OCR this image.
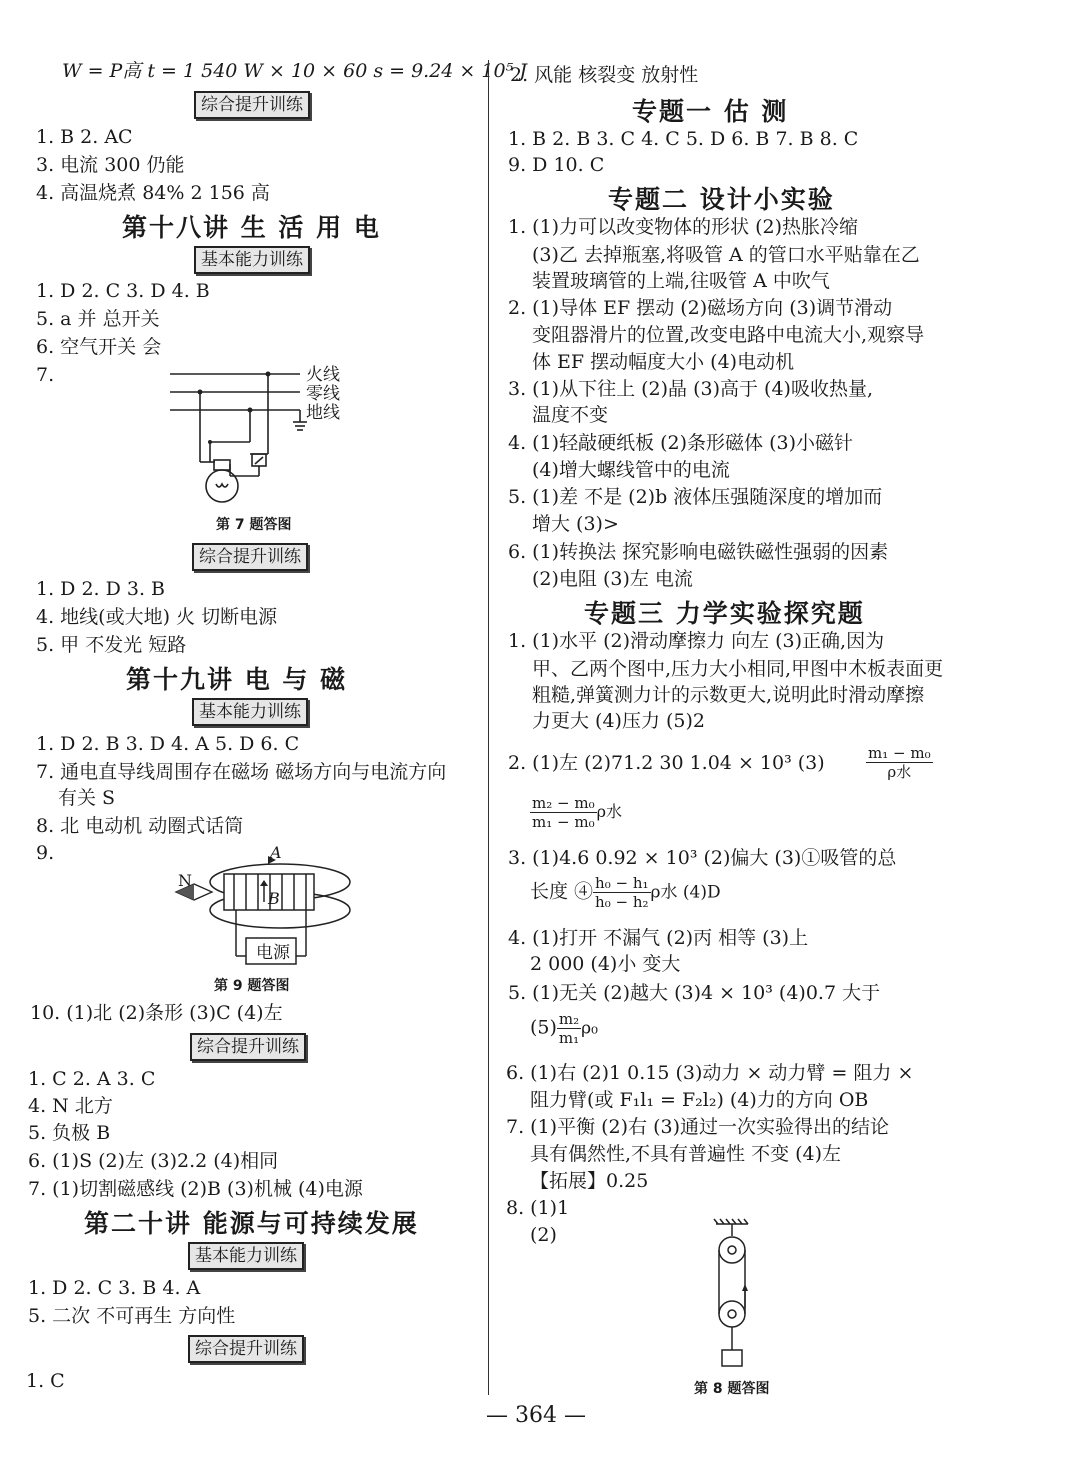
W = P高 t = 1 540 W × 10 × 60 s = 9.24 × 10⁵ J
综合提升训练
1. B 2. AC
3. 电流 300 仍能
4. 高温烧煮 84% 2 156 高
第十八讲 生 活 用 电
基本能力训练
1. D 2. C 3. D 4. B
5. a 并 总开关
6. 空气开关 会
7.	火线
零线
地线
第 7 题答图
综合提升训练
1. D 2. D 3. B
4. 地线(或大地) 火 切断电源
5. 甲 不发光 短路
第十九讲 电 与 磁
基本能力训练
1. D 2. B 3. D 4. A 5. D 6. C
7. 通电直导线周围存在磁场 磁场方向与电流方向
有关 S
8. 北 电动机 动圈式话筒
9.
N
A
B
电源
第 9 题答图
10. (1)北 (2)条形 (3)C (4)左
综合提升训练
1. C 2. A 3. C
4. N 北方
5. 负极 B
6. (1)S (2)左 (3)2.2 (4)相同
7. (1)切割磁感线 (2)B (3)机械 (4)电源
第二十讲 能源与可持续发展
基本能力训练
1. D 2. C 3. B 4. A
5. 二次 不可再生 方向性
综合提升训练
1. C
2. 风能 核裂变 放射性
专题一 估 测
1. B 2. B 3. C 4. C 5. D 6. B 7. B 8. C
9. D 10. C
专题二 设计小实验
1. (1)力可以改变物体的形状 (2)热胀冷缩
(3)乙 去掉瓶塞,将吸管 A 的管口水平贴靠在乙
装置玻璃管的上端,往吸管 A 中吹气
2. (1)导体 EF 摆动 (2)磁场方向 (3)调节滑动
变阻器滑片的位置,改变电路中电流大小,观察导
体 EF 摆动幅度大小 (4)电动机
3. (1)从下往上 (2)晶 (3)高于 (4)吸收热量,
温度不变
4. (1)轻敲硬纸板 (2)条形磁体 (3)小磁针
(4)增大螺线管中的电流
5. (1)差 不是 (2)b 液体压强随深度的增加而
增大 (3)>
6. (1)转换法 探究影响电磁铁磁性强弱的因素
(2)电阻 (3)左 电流
专题三 力学实验探究题
1. (1)水平 (2)滑动摩擦力 向左 (3)正确,因为
甲、乙两个图中,压力大小相同,甲图中木板表面更
粗糙,弹簧测力计的示数更大,说明此时滑动摩擦
力更大 (4)压力 (5)2
2. (1)左 (2)71.2 30 1.04 × 10³ (3)	m₁ − m₀
ρ水
$\frac{\text{m₂ − m₀}}{\text{m₁ − m₀}}$ ρ水
3. (1)4.6 0.92 × 10³ (2)偏大 (3)①吸管的总
长度 ④ $\frac{\text{h₀ − h₁}}{\text{h₀ − h₂}}$ ρ水 (4)D
4. (1)打开 不漏气 (2)丙 相等 (3)上
2 000 (4)小 变大
5. (1)无关 (2)越大 (3)4 × 10³ (4)0.7 大于
$(5) \frac{\text{m₂}}{\text{m₁}} \rho_0$
6. (1)右 (2)1 0.15 (3)动力 × 动力臂 = 阻力 ×
阻力臂(或 F₁l₁ = F₂l₂) (4)力的方向 OB
7. (1)平衡 (2)右 (3)通过一次实验得出的结论
具有偶然性,不具有普遍性 不变 (4)左
【拓展】0.25
8. (1)1
(2)
第 8 题答图
— 364 —
